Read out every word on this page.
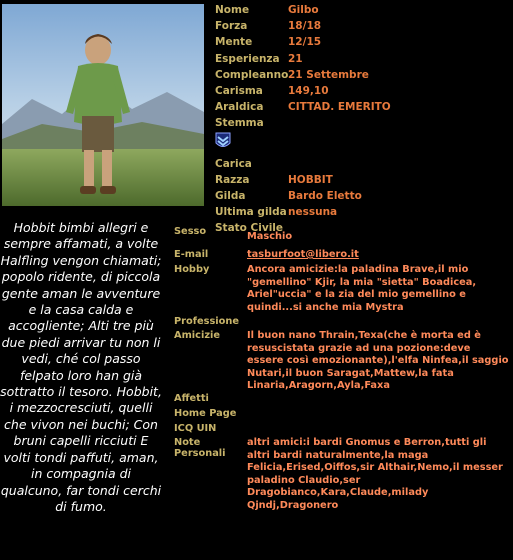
Nome	Gilbo
Forza	18/18
Mente	12/15
Esperienza 21
Compleanno 21 Settembre
Carisma	149,10
Araldica	CITTAD. EMERITO
Stemma
Carica
Razza	HOBBIT
Gilda	Bardo Eletto
Ultima gilda nessuna
Stato Civile
Hobbit bimbi allegri e sempre affamati, a volte Halfling vengon chiamati; popolo ridente, di piccola gente aman le avventure e la casa calda e accogliente; Alti tre più due piedi arrivar tu non li vedi, ché col passo felpato loro han già sottratto il tesoro. Hobbit, i mezzocresciuti, quelli che vivon nei buchi; Con bruni capelli ricciuti E volti tondi paffuti, aman, in compagnia di qualcuno, far tondi cerchi di fumo.
Sesso	Maschio
E-mail	tasburfoot@libero.it
Hobby	Ancora amicizie:la paladina Brave,il mio "gemellino" Kjir, la mia "sietta" Boadicea, Ariel"uccia" e la zia del mio gemellino e quindi...si anche mia Mystra
Professione
Amicizie	Il buon nano Thrain,Texa(che è morta ed è resuscistata grazie ad una pozione:deve essere così emozionante),l'elfa Ninfea,il saggio Nutari,il buon Saragat,Mattew,la fata Linaria,Aragorn,Ayla,Faxa
Affetti
Home Page
ICQ UIN
Note Personali
altri amici:i bardi Gnomus e Berron,tutti gli altri bardi naturalmente,la maga Felicia,Erised,Oiffos,sir Althair,Nemo,il messer paladino Claudio,ser Dragobianco,Kara,Claude,milady Qjndj,Dragonero
